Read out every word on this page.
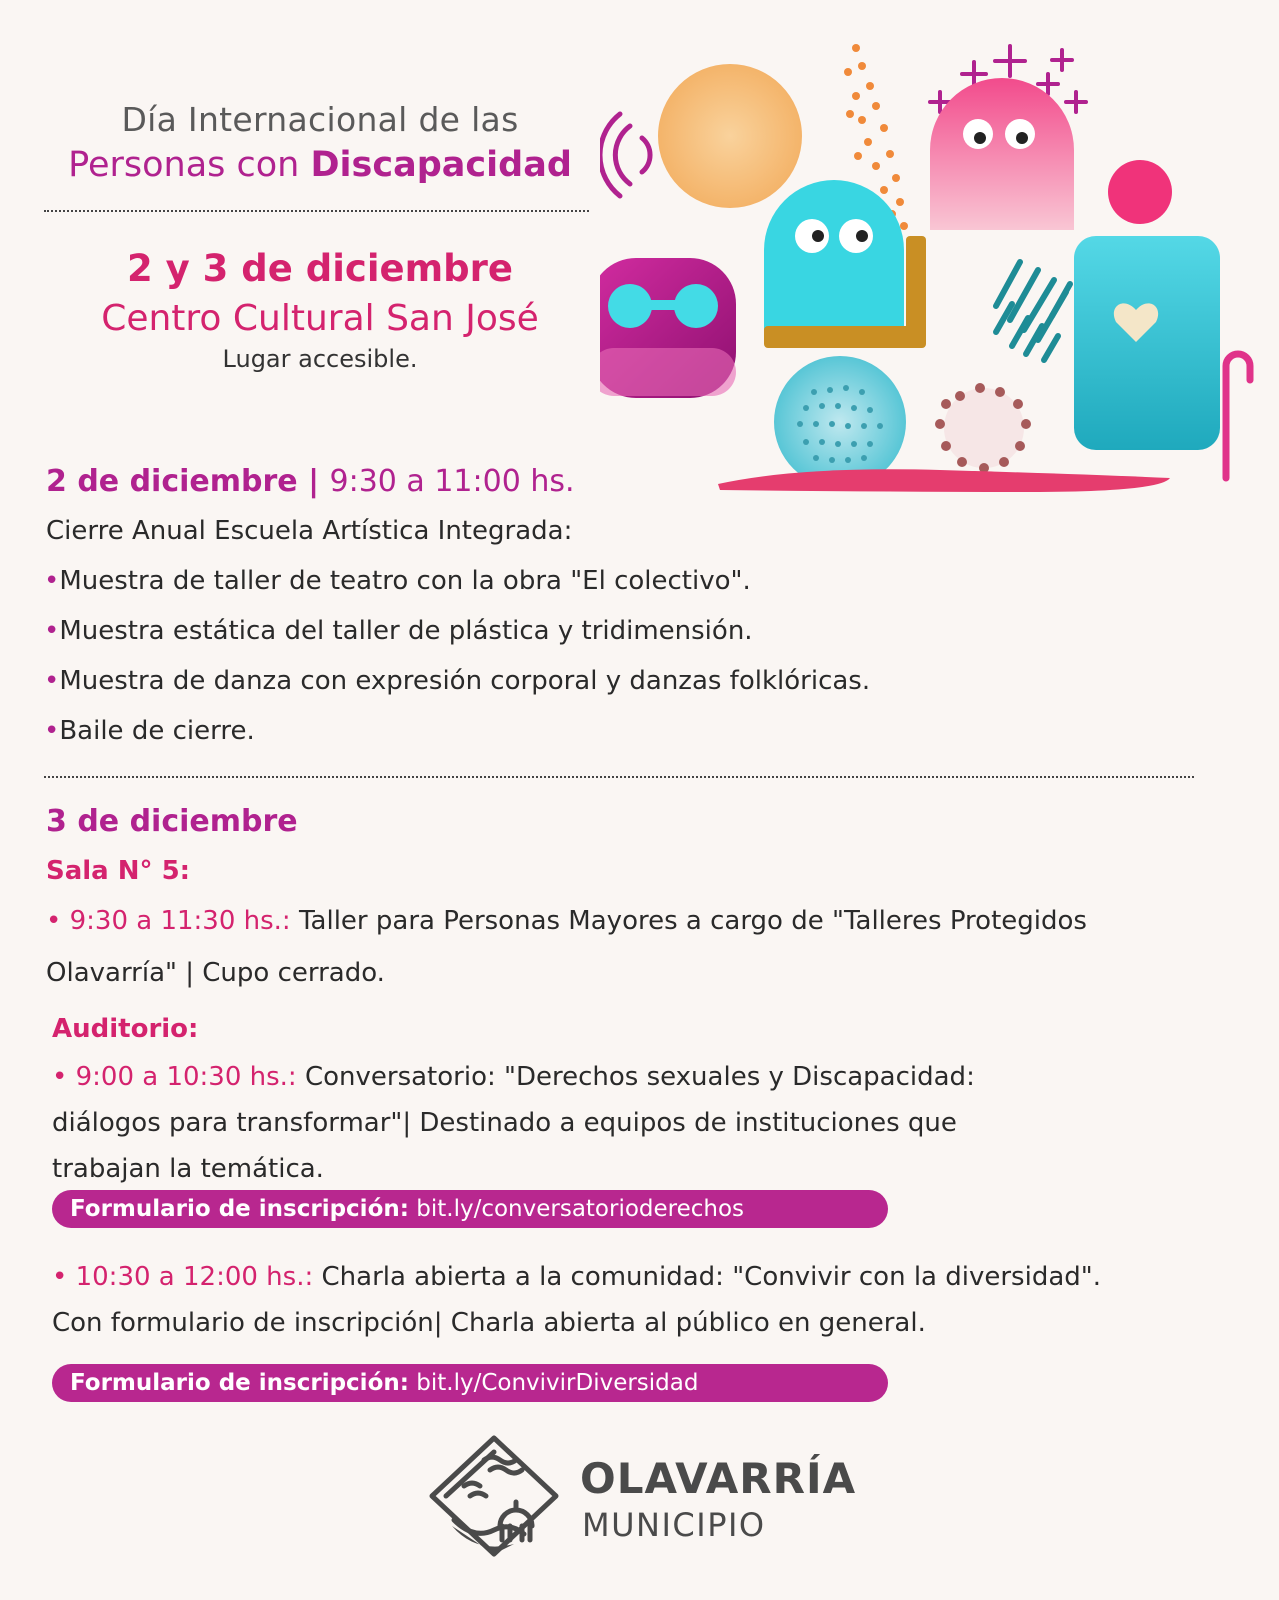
Día Internacional de las
Personas con Discapacidad
2 y 3 de diciembre
Centro Cultural San José
Lugar accesible.
2 de diciembre | 9:30 a 11:00 hs.
Cierre Anual Escuela Artística Integrada:
•Muestra de taller de teatro con la obra "El colectivo".
•Muestra estática del taller de plástica y tridimensión.
•Muestra de danza con expresión corporal y danzas folklóricas.
•Baile de cierre.
3 de diciembre
Sala N° 5:
• 9:30 a 11:30 hs.: Taller para Personas Mayores a cargo de "Talleres Protegidos
Olavarría" | Cupo cerrado.
Auditorio:
• 9:00 a 10:30 hs.: Conversatorio: "Derechos sexuales y Discapacidad:
diálogos para transformar"| Destinado a equipos de instituciones que
trabajan la temática.
Formulario de inscripción: bit.ly/conversatorioderechos
• 10:30 a 12:00 hs.: Charla abierta a la comunidad: "Convivir con la diversidad".
Con formulario de inscripción| Charla abierta al público en general.
Formulario de inscripción: bit.ly/ConvivirDiversidad
OLAVARRÍA
MUNICIPIO
